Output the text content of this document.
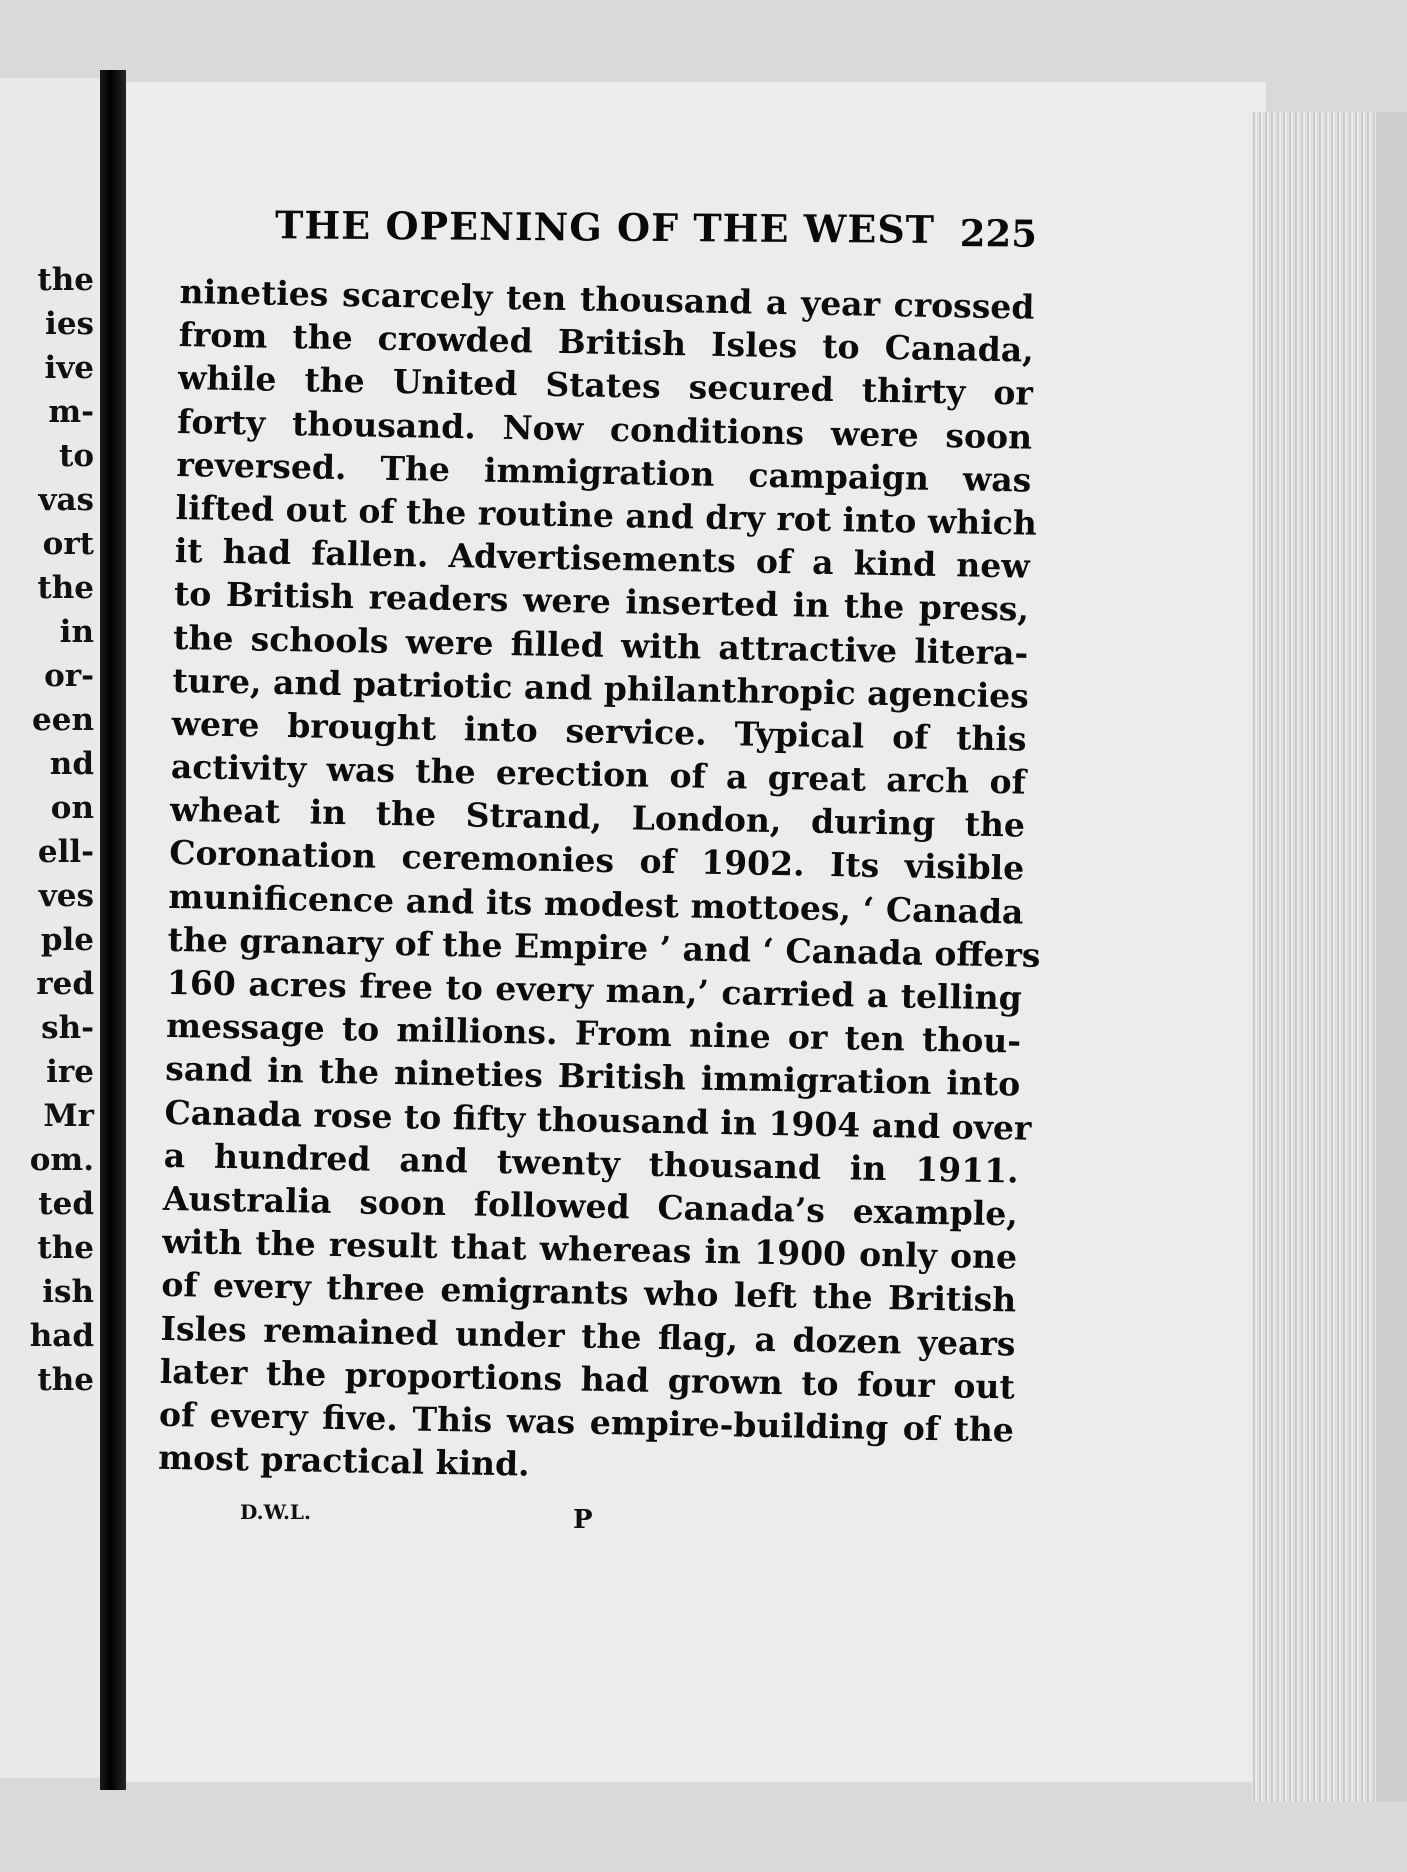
the
ies
ive
m-
to
vas
ort
the
in
or-
een
nd
on
ell-
ves
ple
red
sh-
ire
Mr
om.
ted
the
ish
had
the
THE OPENING OF THE WEST 225
nineties scarcely ten thousand a year crossed
from the crowded British Isles to Canada,
while the United States secured thirty or
forty thousand. Now conditions were soon
reversed. The immigration campaign was
lifted out of the routine and dry rot into which
it had fallen. Advertisements of a kind new
to British readers were inserted in the press,
the schools were filled with attractive litera-
ture, and patriotic and philanthropic agencies
were brought into service. Typical of this
activity was the erection of a great arch of
wheat in the Strand, London, during the
Coronation ceremonies of 1902. Its visible
munificence and its modest mottoes, ‘ Canada
the granary of the Empire ’ and ‘ Canada offers
160 acres free to every man,’ carried a telling
message to millions. From nine or ten thou-
sand in the nineties British immigration into
Canada rose to fifty thousand in 1904 and over
a hundred and twenty thousand in 1911.
Australia soon followed Canada’s example,
with the result that whereas in 1900 only one
of every three emigrants who left the British
Isles remained under the flag, a dozen years
later the proportions had grown to four out
of every five. This was empire-building of the
most practical kind.
D.W.L.	P
